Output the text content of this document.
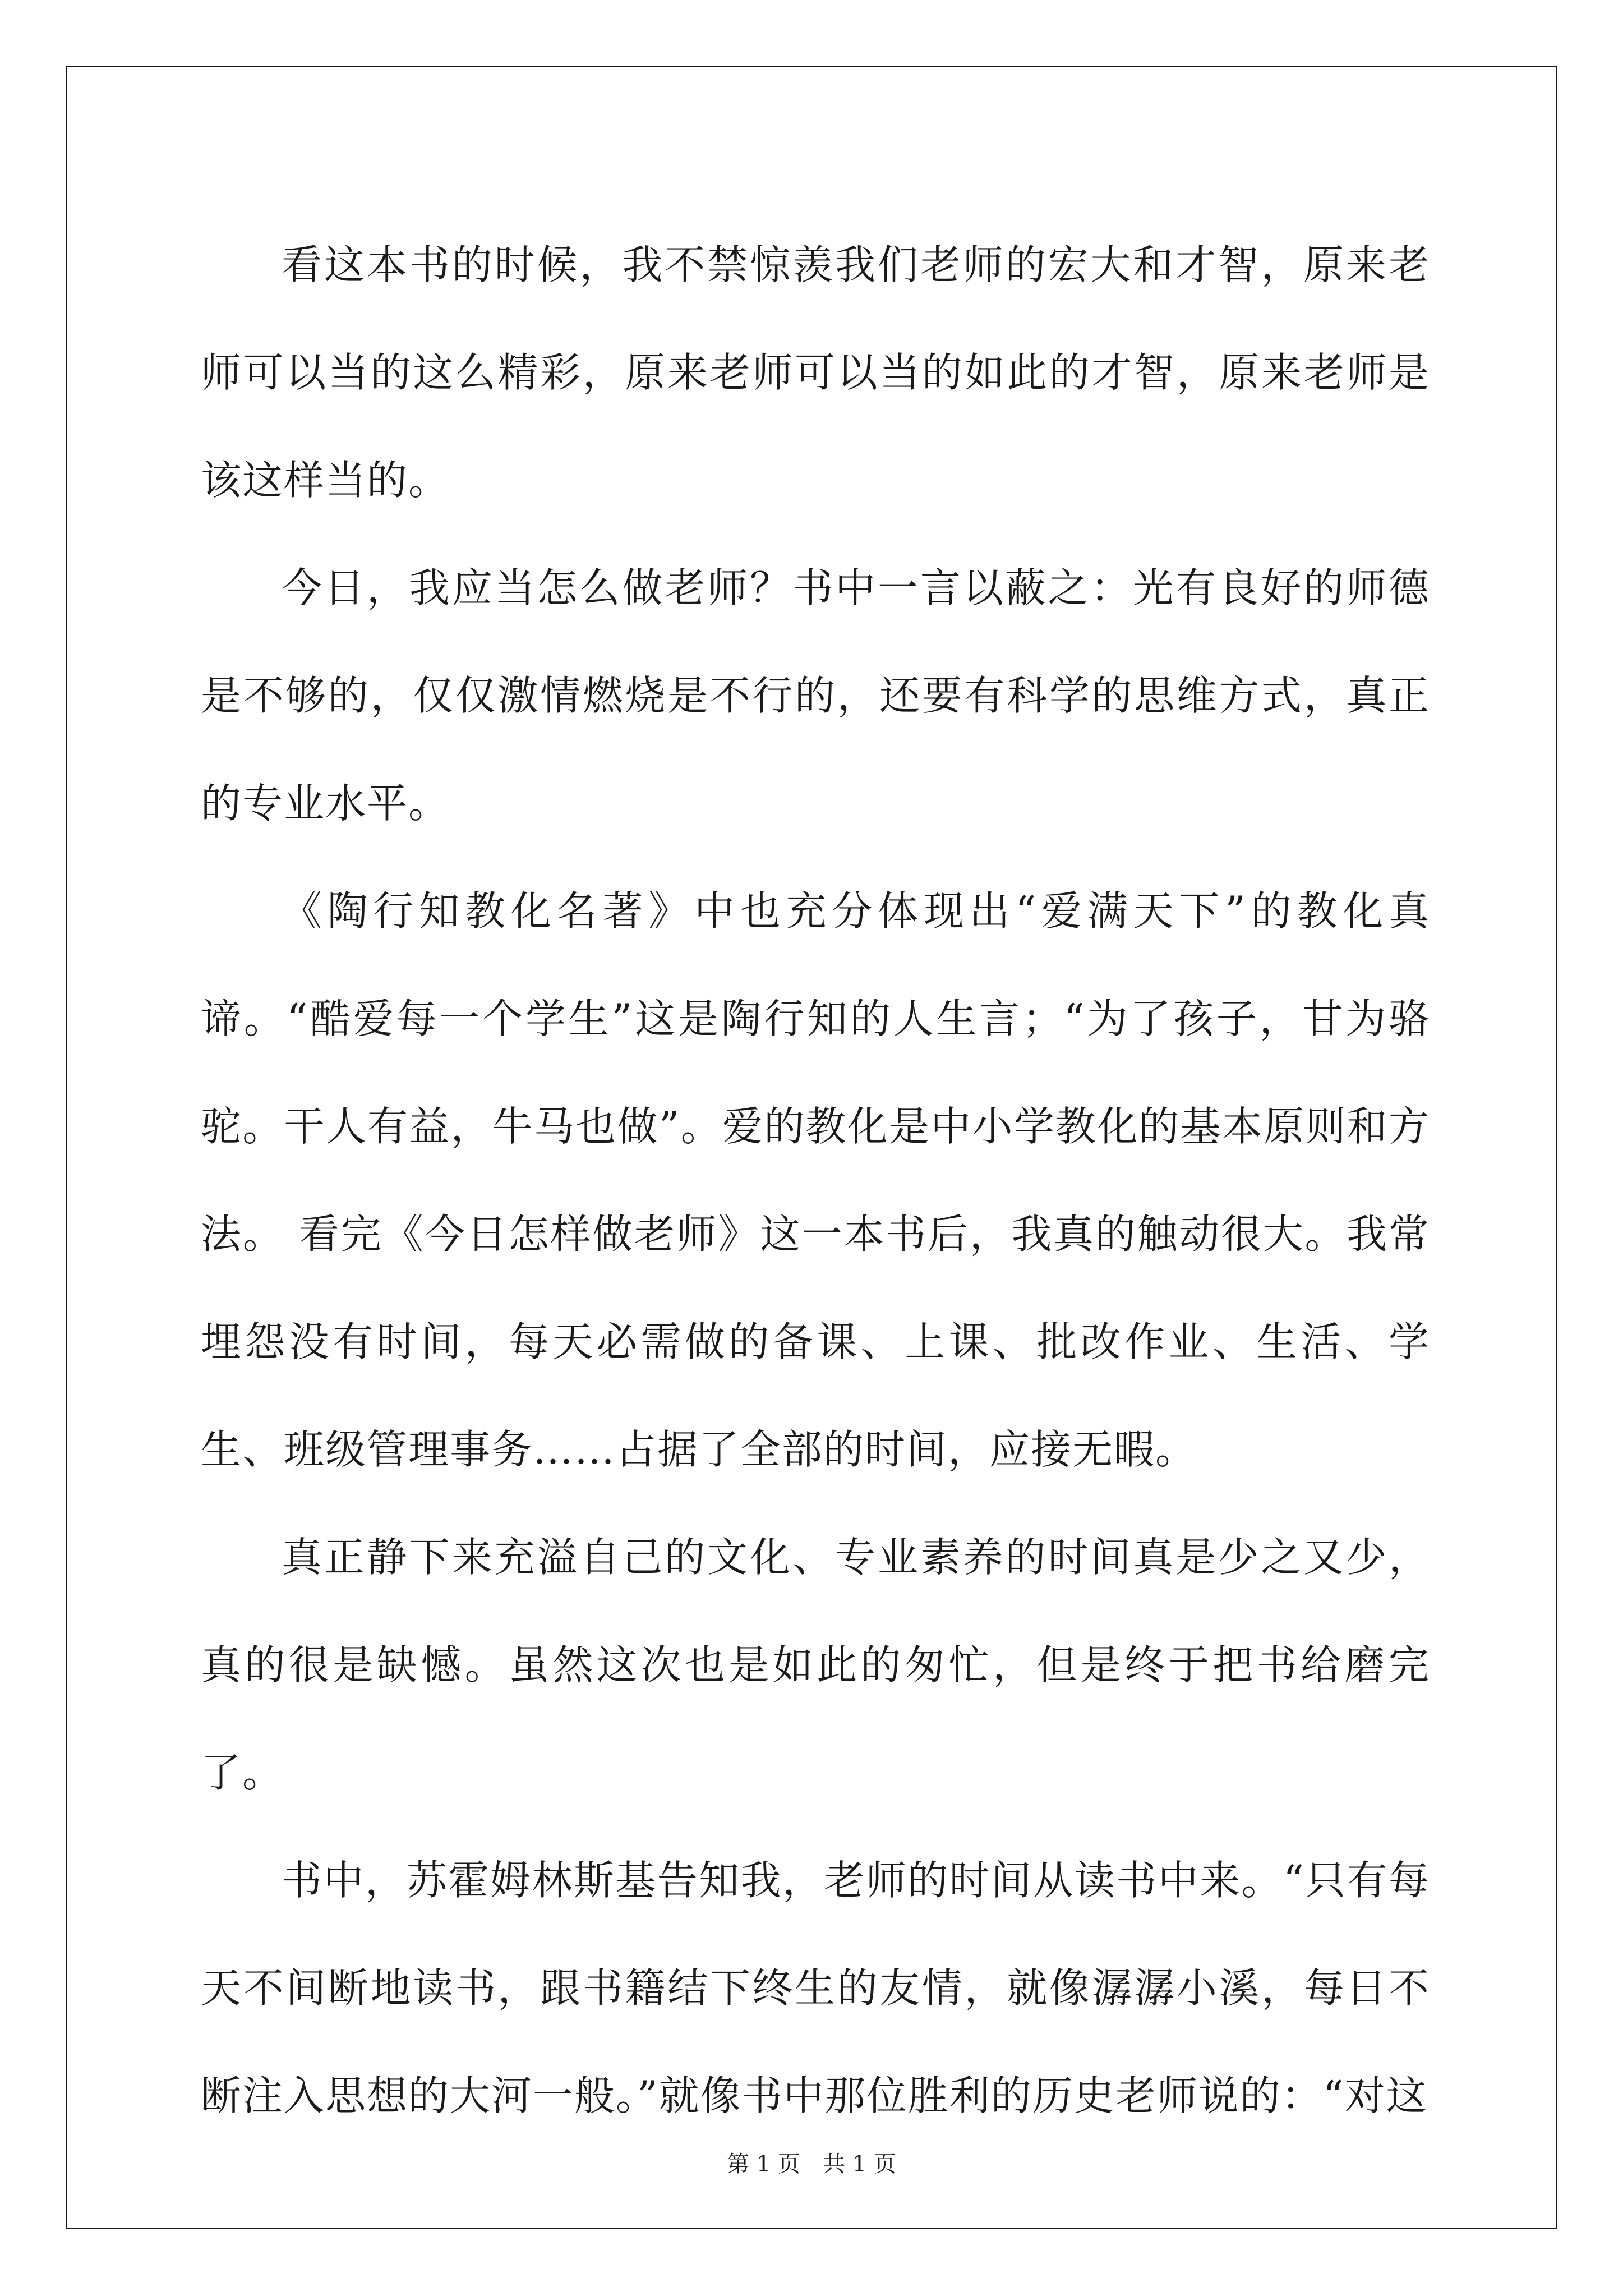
看这本书的时候，我不禁惊羡我们老师的宏大和才智，原来老师可以当的这么精彩，原来老师可以当的如此的才智，原来老师是该这样当的。

今日，我应当怎么做老师？书中一言以蔽之：光有良好的师德是不够的，仅仅激情燃烧是不行的，还要有科学的思维方式，真正的专业水平。

《陶行知教化名著》中也充分体现出“爱满天下”的教化真谛。“酷爱每一个学生”这是陶行知的人生言；“为了孩子，甘为骆驼。干人有益，牛马也做”。爱的教化是中小学教化的基本原则和方法。 看完《今日怎样做老师》这一本书后，我真的触动很大。我常埋怨没有时间，每天必需做的备课、上课、批改作业、生活、学生、班级管理事务……占据了全部的时间，应接无暇。

真正静下来充溢自己的文化、专业素养的时间真是少之又少，真的很是缺憾。虽然这次也是如此的匆忙，但是终于把书给磨完了。

书中，苏霍姆林斯基告知我，老师的时间从读书中来。“只有每天不间断地读书，跟书籍结下终生的友情，就像潺潺小溪，每日不断注入思想的大河一般。”就像书中那位胜利的历史老师说的：“对这

第 1 页 共 1 页
